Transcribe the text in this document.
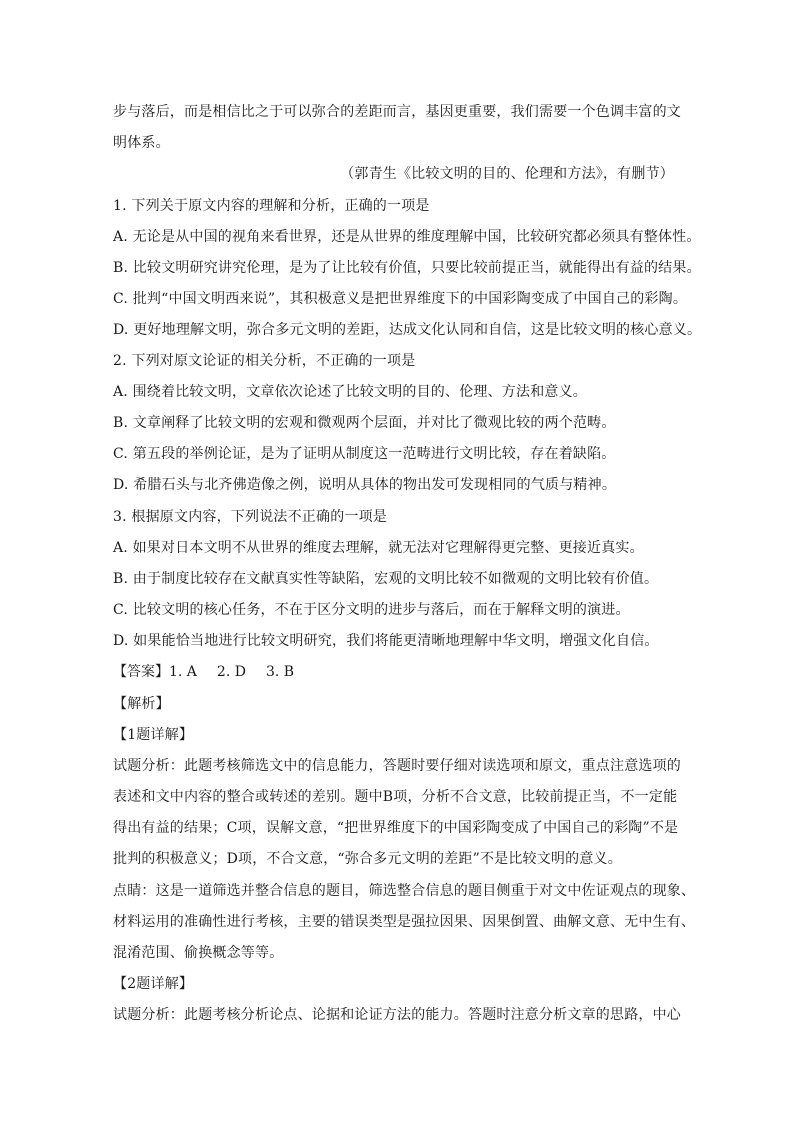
步与落后，而是相信比之于可以弥合的差距而言，基因更重要，我们需要一个色调丰富的文
明体系。
（郭青生《比较文明的目的、伦理和方法》，有删节）
1. 下列关于原文内容的理解和分析，正确的一项是
A. 无论是从中国的视角来看世界，还是从世界的维度理解中国，比较研究都必须具有整体性。
B. 比较文明研究讲究伦理，是为了让比较有价值，只要比较前提正当，就能得出有益的结果。
C. 批判“中国文明西来说”，其积极意义是把世界维度下的中国彩陶变成了中国自己的彩陶。
D. 更好地理解文明，弥合多元文明的差距，达成文化认同和自信，这是比较文明的核心意义。
2. 下列对原文论证的相关分析，不正确的一项是
A. 围绕着比较文明，文章依次论述了比较文明的目的、伦理、方法和意义。
B. 文章阐释了比较文明的宏观和微观两个层面，并对比了微观比较的两个范畴。
C. 第五段的举例论证，是为了证明从制度这一范畴进行文明比较，存在着缺陷。
D. 希腊石头与北齐佛造像之例，说明从具体的物出发可发现相同的气质与精神。
3. 根据原文内容，下列说法不正确的一项是
A. 如果对日本文明不从世界的维度去理解，就无法对它理解得更完整、更接近真实。
B. 由于制度比较存在文献真实性等缺陷，宏观的文明比较不如微观的文明比较有价值。
C. 比较文明的核心任务，不在于区分文明的进步与落后，而在于解释文明的演进。
D. 如果能恰当地进行比较文明研究，我们将能更清晰地理解中华文明，增强文化自信。
【答案】1. A 2. D 3. B
【解析】
【1题详解】
试题分析：此题考核筛选文中的信息能力，答题时要仔细对读选项和原文，重点注意选项的
表述和文中内容的整合或转述的差别。题中B项，分析不合文意，比较前提正当，不一定能
得出有益的结果；C项，误解文意，“把世界维度下的中国彩陶变成了中国自己的彩陶”不是
批判的积极意义；D项，不合文意，“弥合多元文明的差距”不是比较文明的意义。
点睛：这是一道筛选并整合信息的题目，筛选整合信息的题目侧重于对文中佐证观点的现象、
材料运用的准确性进行考核，主要的错误类型是强拉因果、因果倒置、曲解文意、无中生有、
混淆范围、偷换概念等等。
【2题详解】
试题分析：此题考核分析论点、论据和论证方法的能力。答题时注意分析文章的思路，中心
